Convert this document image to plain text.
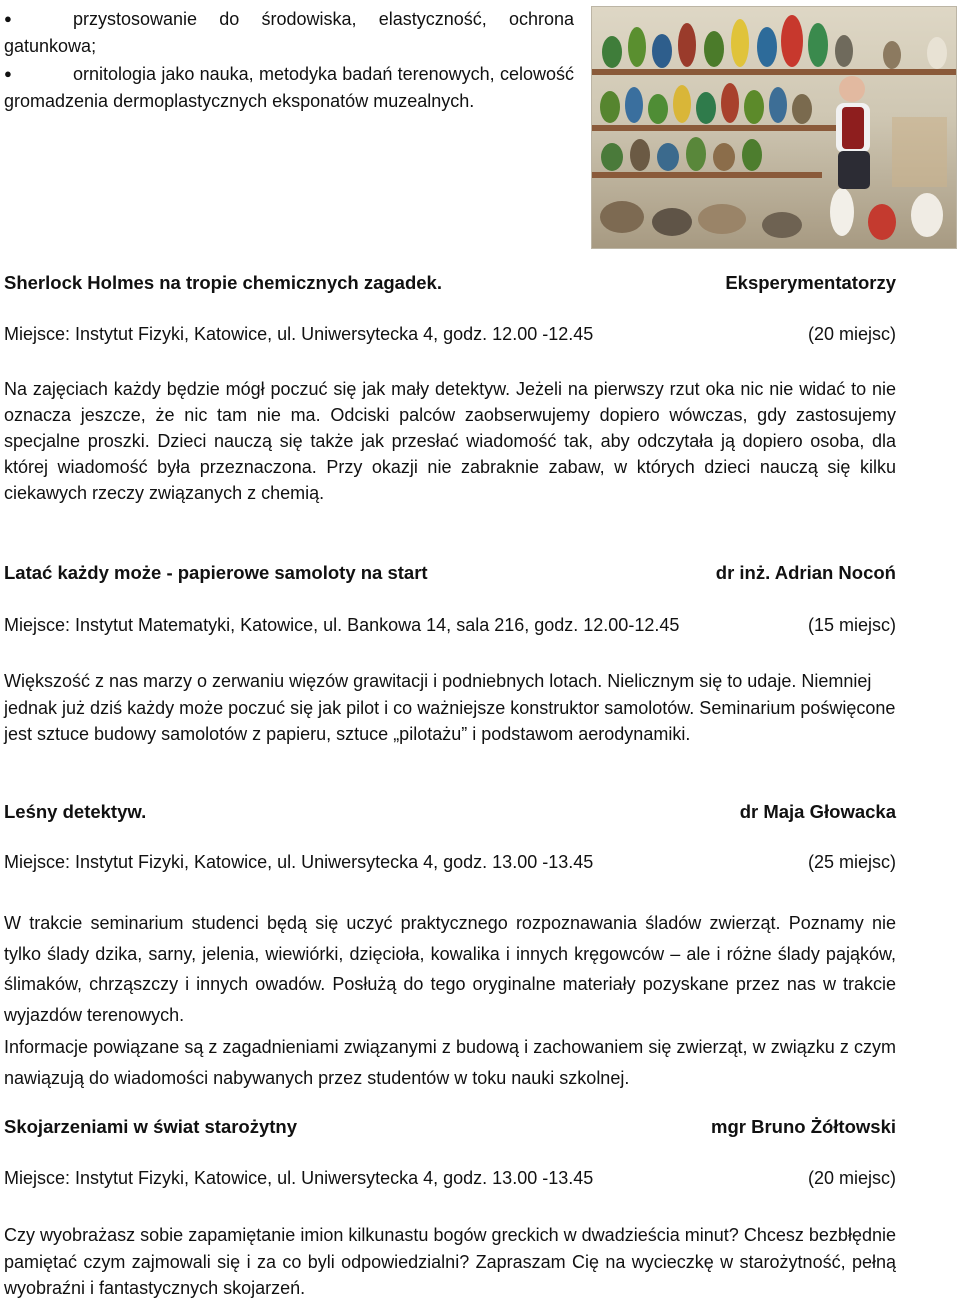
●	przystosowanie do środowiska, elastyczność, ochrona gatunkowa;
●	ornitologia jako nauka, metodyka badań terenowych, celowość gromadzenia dermoplastycznych eksponatów muzealnych.
Sherlock Holmes na tropie chemicznych zagadek.	Eksperymentatorzy
Miejsce: Instytut Fizyki, Katowice, ul. Uniwersytecka 4, godz. 12.00 -12.45	(20 miejsc)
Na zajęciach każdy będzie mógł poczuć się jak mały detektyw. Jeżeli na pierwszy rzut oka nic nie widać to nie oznacza jeszcze, że nic tam nie ma. Odciski palców zaobserwujemy dopiero wówczas, gdy zastosujemy specjalne proszki. Dzieci nauczą się także jak przesłać wiadomość tak, aby odczytała ją dopiero osoba, dla której wiadomość była przeznaczona. Przy okazji nie zabraknie zabaw, w których dzieci nauczą się kilku ciekawych rzeczy związanych z chemią.
Latać każdy może - papierowe samoloty na start	dr inż. Adrian Nocoń
Miejsce: Instytut Matematyki, Katowice, ul. Bankowa 14, sala 216, godz. 12.00-12.45	(15 miejsc)
Większość z nas marzy o zerwaniu więzów grawitacji i podniebnych lotach. Nielicznym się to udaje. Niemniej jednak już dziś każdy może poczuć się jak pilot i co ważniejsze konstruktor samolotów. Seminarium poświęcone jest sztuce budowy samolotów z papieru, sztuce „pilotażu” i podstawom aerodynamiki.
Leśny detektyw.	dr Maja Głowacka
Miejsce: Instytut Fizyki, Katowice, ul. Uniwersytecka 4, godz. 13.00 -13.45	(25 miejsc)
W trakcie seminarium studenci będą się uczyć praktycznego rozpoznawania śladów zwierząt. Poznamy nie tylko ślady dzika, sarny, jelenia, wiewiórki, dzięcioła, kowalika i innych kręgowców – ale i różne ślady pająków, ślimaków, chrząszczy i innych owadów. Posłużą do tego oryginalne materiały pozyskane przez nas w trakcie wyjazdów terenowych.
Informacje powiązane są z zagadnieniami związanymi z budową i zachowaniem się zwierząt, w związku z czym nawiązują do wiadomości nabywanych przez studentów w toku nauki szkolnej.
Skojarzeniami w świat starożytny	mgr Bruno Żółtowski
Miejsce: Instytut Fizyki, Katowice, ul. Uniwersytecka 4, godz. 13.00 -13.45	(20 miejsc)
Czy wyobrażasz sobie zapamiętanie imion kilkunastu bogów greckich w dwadzieścia minut? Chcesz bezbłędnie pamiętać czym zajmowali się i za co byli odpowiedzialni? Zapraszam Cię na wycieczkę w starożytność, pełną wyobraźni i fantastycznych skojarzeń.
